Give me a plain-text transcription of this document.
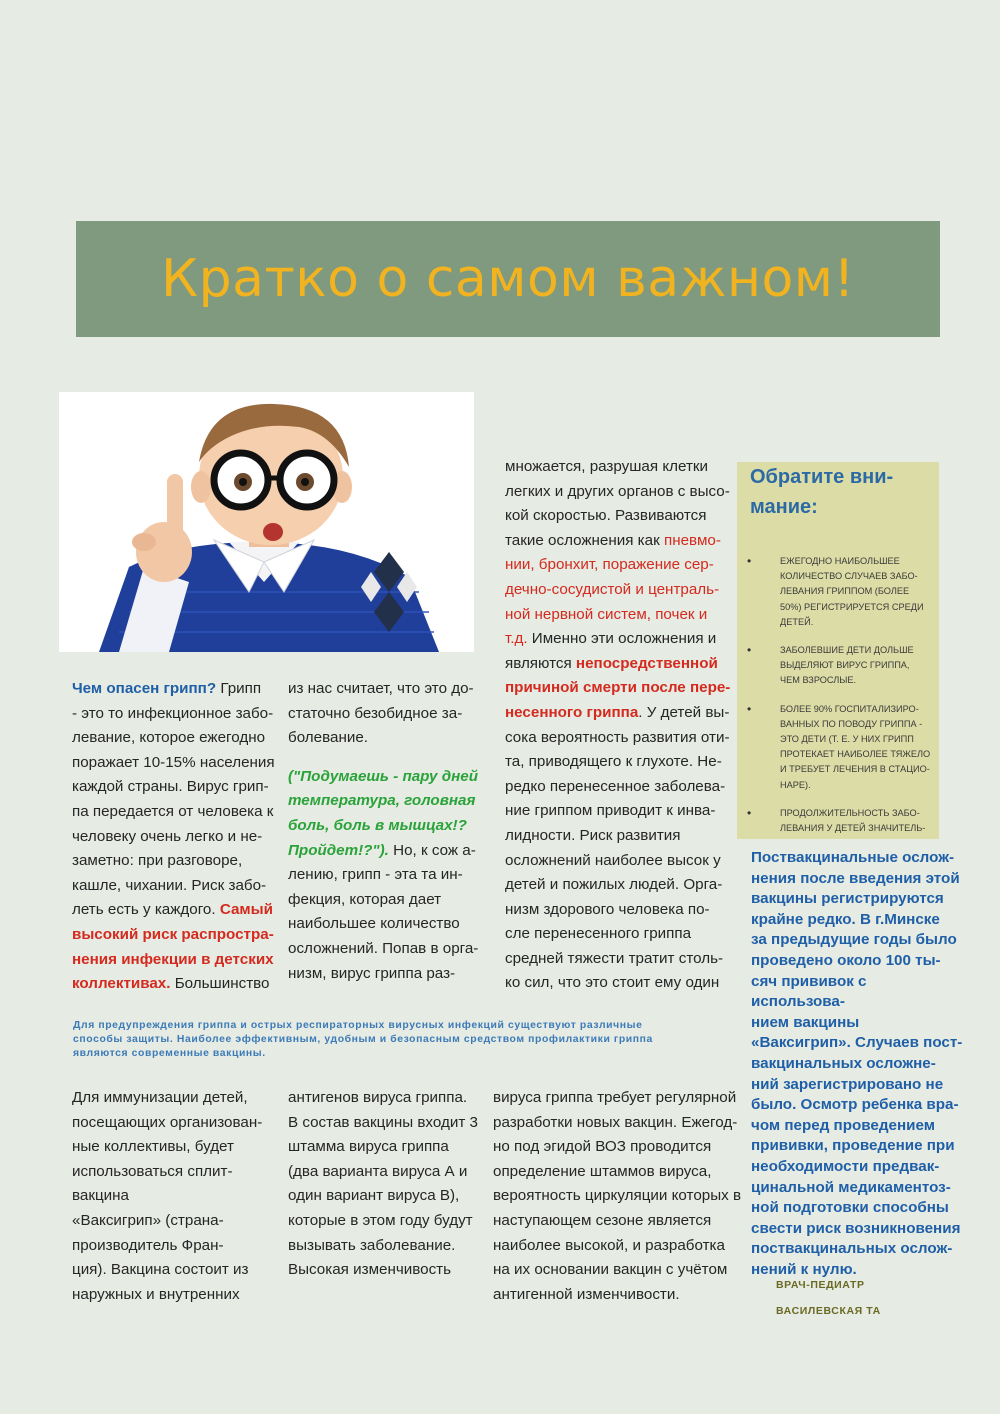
Кратко о самом важном!

Чем опасен грипп? Грипп

- это то инфекционное забо-

левание, которое ежегодно

поражает 10-15% населения

каждой страны. Вирус грип-

па передается от человека к

человеку очень легко и не-

заметно: при разговоре,

кашле, чихании. Риск забо-

леть есть у каждого. Самый

высокий риск распростра-

нения инфекции в детских

коллективах. Большинство

из нас считает, что это до-

статочно безобидное за-

болевание.

("Подумаешь - пару дней

температура, головная

боль, боль в мышцах!?

Пройдет!?"). Но, к сож а-

лению, грипп - эта та ин-

фекция, которая дает

наибольшее количество

осложнений. Попав в орга-

низм, вирус гриппа раз-

множается, разрушая клетки

легких и других органов с высо-

кой скоростью. Развиваются

такие осложнения как пневмо-

нии, бронхит, поражение сер-

дечно-сосудистой и централь-

ной нервной систем, почек и

т.д. Именно эти осложнения и

являются непосредственной

причиной смерти после пере-

несенного гриппа. У детей вы-

сока вероятность развития оти-

та, приводящего к глухоте. Не-

редко перенесенное заболева-

ние гриппом приводит к инва-

лидности. Риск развития

осложнений наиболее высок у

детей и пожилых людей. Орга-

низм здорового человека по-

сле перенесенного гриппа

средней тяжести тратит столь-

ко сил, что это стоит ему один

Обратите вни-
мание:
•	ЕЖЕГОДНО НАИБОЛЬШЕЕ
КОЛИЧЕСТВО СЛУЧАЕВ ЗАБО-
ЛЕВАНИЯ ГРИППОМ (БОЛЕЕ
50%) РЕГИСТРИРУЕТСЯ СРЕДИ
ДЕТЕЙ.
•	ЗАБОЛЕВШИЕ ДЕТИ ДОЛЬШЕ
ВЫДЕЛЯЮТ ВИРУС ГРИППА,
ЧЕМ ВЗРОСЛЫЕ.
•	БОЛЕЕ 90% ГОСПИТАЛИЗИРО-
ВАННЫХ ПО ПОВОДУ ГРИППА -
ЭТО ДЕТИ (Т. Е. У НИХ ГРИПП
ПРОТЕКАЕТ НАИБОЛЕЕ ТЯЖЕЛО
И ТРЕБУЕТ ЛЕЧЕНИЯ В СТАЦИО-
НАРЕ).
•	ПРОДОЛЖИТЕЛЬНОСТЬ ЗАБО-
ЛЕВАНИЯ У ДЕТЕЙ ЗНАЧИТЕЛЬ-
Поствакцинальные ослож-
нения после введения этой
вакцины регистрируются
крайне редко. В г.Минске
за предыдущие годы было
проведено около 100 ты-
сяч прививок с использова-
нием вакцины
«Ваксигрип». Случаев пост-
вакцинальных осложне-
ний зарегистрировано не
было. Осмотр ребенка вра-
чом перед проведением
прививки, проведение при
необходимости предвак-
цинальной медикаментоз-
ной подготовки способны
свести риск возникновения
поствакцинальных ослож-
нений к нулю.
Для предупреждения гриппа и острых респираторных вирусных инфекций существуют различные
способы защиты. Наиболее эффективным, удобным и безопасным средством профилактики гриппа
являются современные вакцины.

Для иммунизации детей,

посещающих организован-

ные коллективы, будет

использоваться сплит-

вакцина

«Ваксигрип» (страна-

производитель Фран-

ция). Вакцина состоит из

наружных и внутренних

антигенов вируса гриппа.

В состав вакцины входит 3

штамма вируса гриппа

(два варианта вируса А и

один вариант вируса В),

которые в этом году будут

вызывать заболевание.

Высокая изменчивость

вируса гриппа требует регулярной

разработки новых вакцин. Ежегод-

но под эгидой ВОЗ проводится

определение штаммов вируса,

вероятность циркуляции которых в

наступающем сезоне является

наиболее высокой, и разработка

на их основании вакцин с учётом

антигенной изменчивости.

ВРАЧ-ПЕДИАТР
ВАСИЛЕВСКАЯ ТА
